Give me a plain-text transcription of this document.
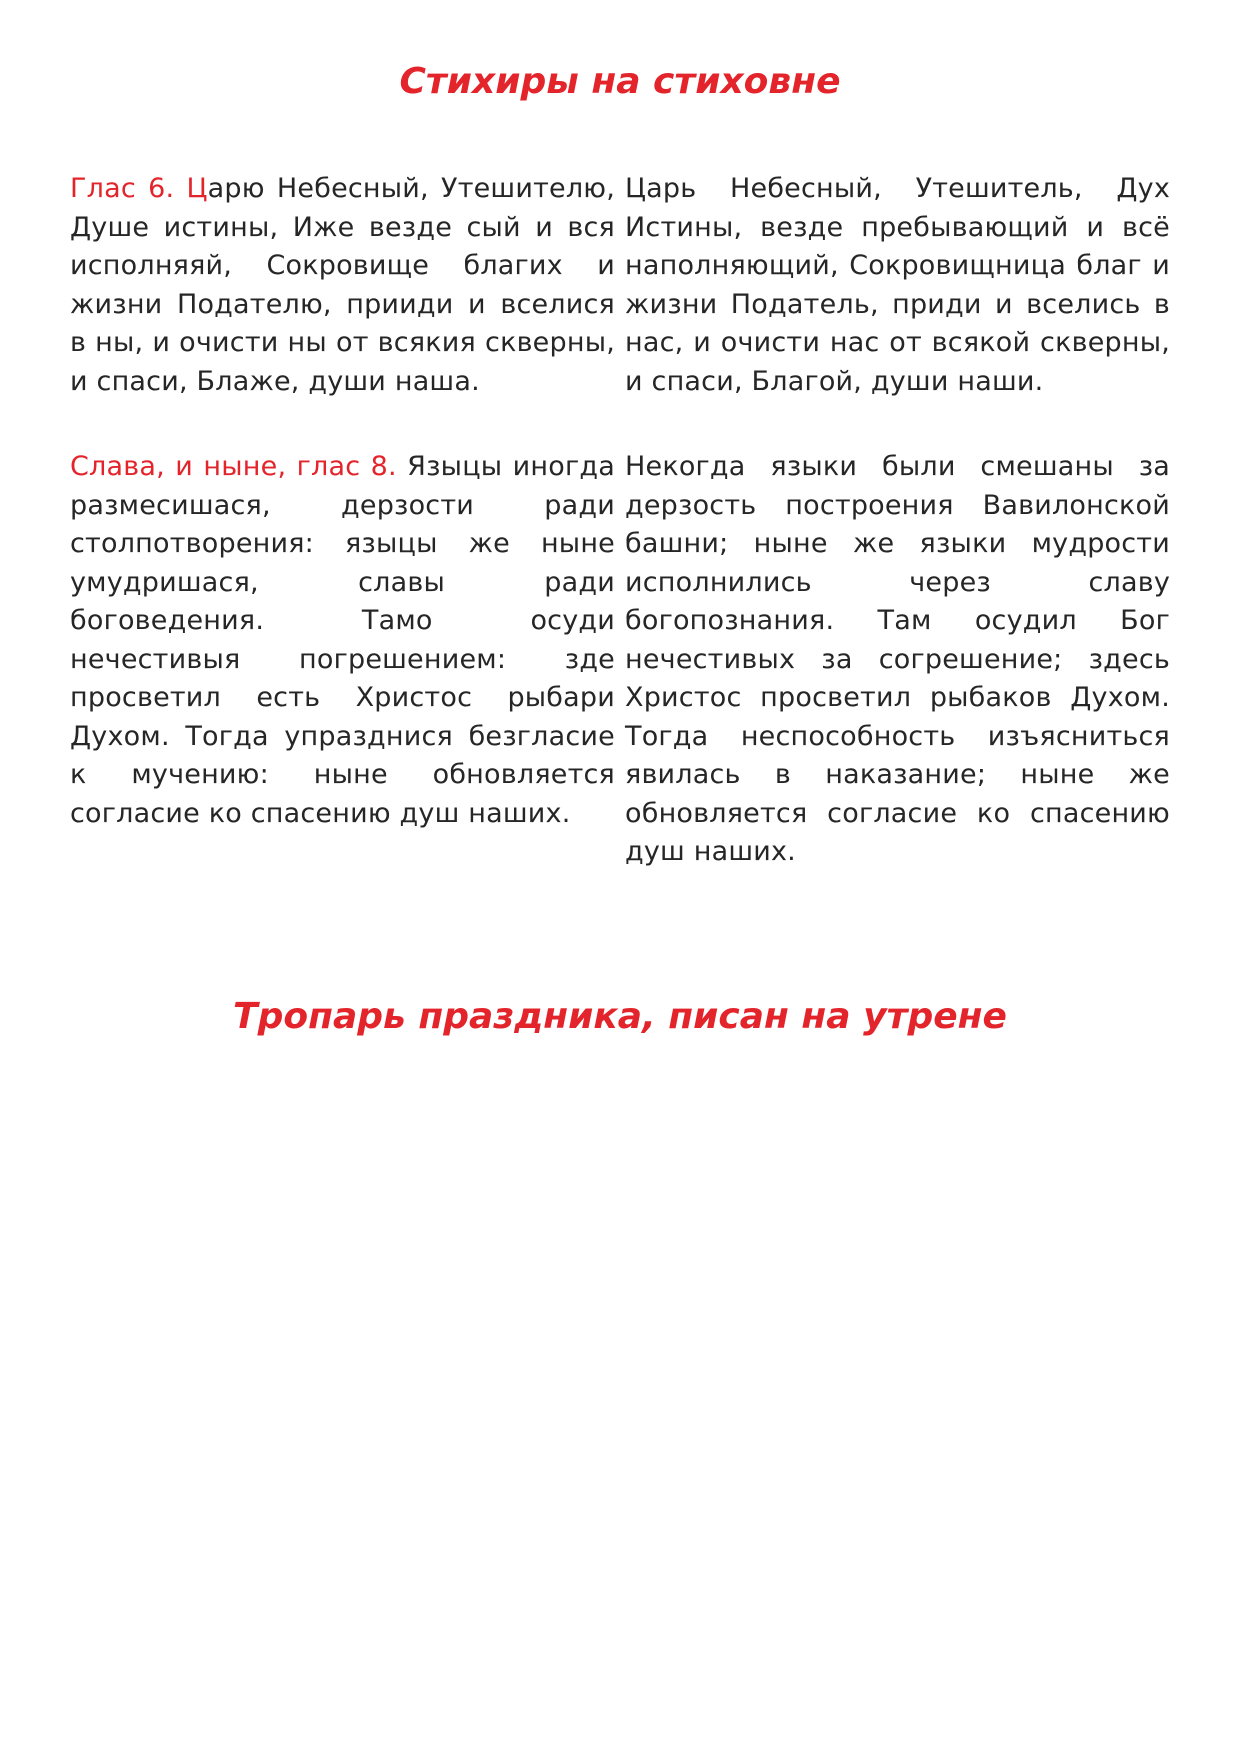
Стихиры на стиховне

Глас 6. Царю Небесный, Утешителю, Душе истины, Иже везде сый и вся исполняяй, Сокровище благих и жизни Подателю, прииди и вселися в ны, и очисти ны от всякия скверны, и спаси, Блаже, души наша.

Царь Небесный, Утешитель, Дух Истины, везде пребывающий и всё наполняющий, Сокровищница благ и жизни Податель, приди и вселись в нас, и очисти нас от всякой скверны, и спаси, Благой, души наши.

Слава, и ныне, глас 8. Языцы иногда размесишася, дерзости ради столпотворения: языцы же ныне умудришася, славы ради боговедения. Тамо осуди нечестивыя погрешением: зде просветил есть Христос рыбари Духом. Тогда упразднися безгласие к мучению: ныне обновляется согласие ко спасению душ наших.

Некогда языки были смешаны за дерзость построения Вавилонской башни; ныне же языки мудрости исполнились через славу богопознания. Там осудил Бог нечестивых за согрешение; здесь Христос просветил рыбаков Духом. Тогда неспособность изъясниться явилась в наказание; ныне же обновляется согласие ко спасению душ наших.

Тропарь праздника, писан на утрене
